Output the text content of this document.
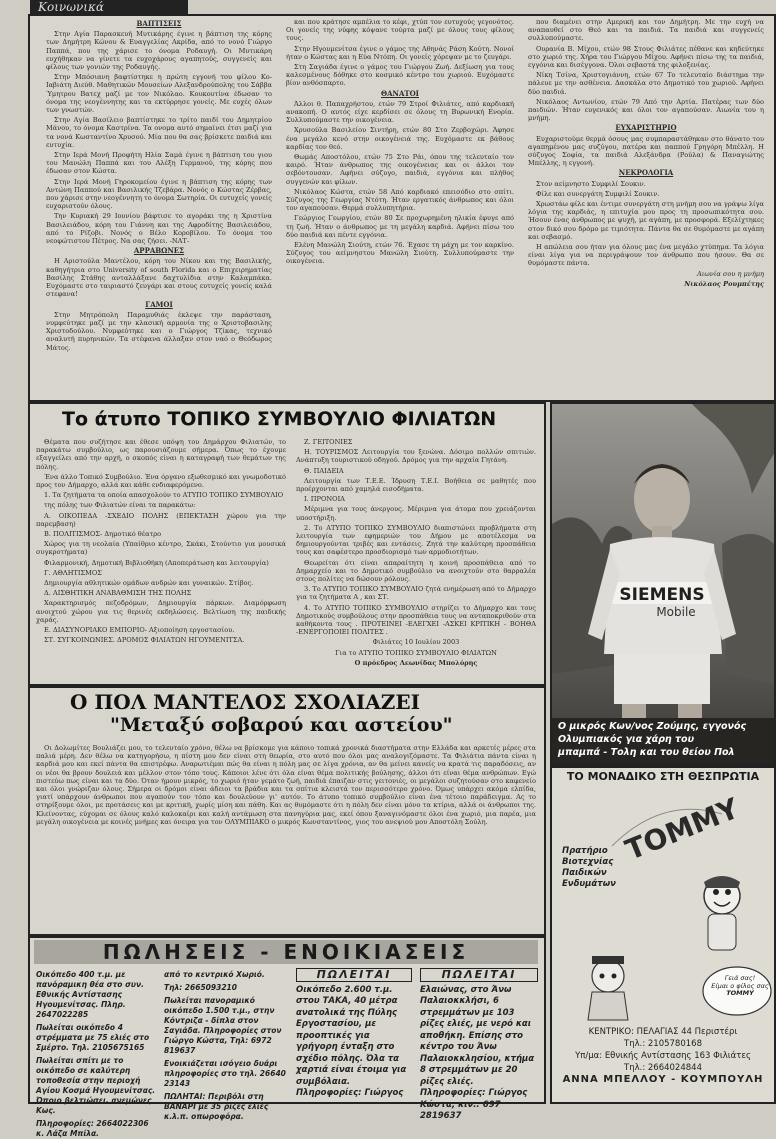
Κοινωνικά

ΒΑΠΤΙΣΕΙΣ

Στην Αγία Παρασκευή Μυτικάρης έγινε η βάπτιση της κόρης των Δημήτρη Κώνου & Ευαγγελίας Ακρίδα, από το νονό Γιώργο Παππά, που της χάρισε το όνομα Ροδαυγή. Οι Μυτικάρη ευχήθηκαν να γίνετε τα ευχοχάρους αγαπητούς, συγγενείς και φίλους των γονιών της Ροδαυγής.

Στην Μπόσιανη βαφτίστηκε η πρώτη εγγονή του φίλου Κο-Ιαβιάτη Διεύθ. Μαθητικών Μουσείων Αλεξανδρούπολης του Σάββα Ύμητρου Βατεχ μαζί με τον Νικόλαο. Κουκουτίνα έδωσαν το όνομα της νεογέννητης και τα εκτύρρησε γονείς. Με ευχές όλων των γνωστών.

Στην Αγία Βασίλειο βαπτίστηκε το τρίτο παιδί του Δημητρίου Μάνου, το όνομα Καστρίνα. Τα ονομα αυτό σημαίνει έτσι μαζί για τα νονά Κωσταντίνο Χρυσού. Μία που θα σας βρίσκετε παιδιά και ευτυχία.

Στην Ιερά Μονή Προφήτη Ηλία Σαμά έγινε η βάπτιση του γιου του Μανώλη Παππά και του Αλέξη Γερμανού, της κόρης που έδωσαν στον Κώστα.

Στην Ιερά Μονή Γηροκομείου έγινε η βάπτιση της κόρης των Αντώνη Παππού και Βασιλικής Τζεβάρα. Νονός ο Κώστας Ζέρβας, που χάρισε στην νεογέννητη το όνομα Σωτηρία. Οι ευτυχείς γονείς ευχαριστούν όλους.

Την Κυριακή 29 Ιουνίου βάφτισε το αγοράκι της η Χριστίνα Βασιλειάδου, κόρη του Γιάννη και της Αφροδίτης Βασιλειάδου, από το Ρίζοβι. Νονός ο Βέλο Κοροβίλου. Το όνομα του νεοφώτιστου Πέτρος. Να σας ζήσει. -ΝΑΤ-

ΑΡΡΑΒΩΝΕΣ

Η Αριστούλα Μαντέλου, κόρη του Νίκου και της Βασιλικής, καθηγήτρια στο University of south Florida και ο Επιχειρηματίας Βασίλης Στάθης ανταλλάξανε δαχτυλίδια στην Καλαμπάκα. Ευχόμαστε στο ταιριαστό ζευγάρι και στους ευτυχείς γονείς καλά στεφανα!

ΓΑΜΟΙ

Στην Μητρόπολη Παραμυθιάς έκλεψε την παράσταση, νυμφεύτηκε μαζί με την κλασική αρμονία της ο Χριστοβασιλης Χριστοδούλου. Νυμφεύτηκε και ο Γιώργος Τζίκας, τεχνικό αναλυτή πυρηνικών. Τα στέφανα άλλαξαν στον ναό ο Θεόδωρος Μάτος.

και που κράτησε αμπέλια το κέφι, χτύπ τον ευτυχούς γεγονότος. Οι γονείς της νύφης κόψανε τούρτα μαζί με όλους τους φίλους τους.

Στην Ηγουμενίτσα έγινε ο γάμος της Αθηνάς Ράση Κούτη. Νονοί ήταν ο Κώστας και η Εύα Ντόπη. Οι γονείς χόρεψαν με το ζευγάρι.

Στη Σαγιάδα έγινε ο γάμος του Γιώργου Ζωή. Δεξίωση για τους καλεσμένους δόθηκε στο κοσμικό κέντρο του χωριού. Ευχόμαστε βίον ανθόσπαρτο.

ΘΑΝΑΤΟΙ

Άλλοι θ. Παπαχρήστου, ετών 79 Στροί Φιλιάτες, από καρδιακή ανακοπή. Ο αυτός είχε κερδίσει σε όλους τη Βυρωνική Ενορία. Συλλυπούμαστε την οικογένεια.

Χρυσούλα Βασιλείου Σιντήρη, ετών 80 Στο Ζερβοχώρι. Άφησε ένα μεγάλο κενό στην οικογένειά της. Ευχόμαστε εκ βάθους καρδίας τον θεό.

Θωμάς Αποστόλου, ετών 75 Στο Ράι, όπου της τελευταίο τον καιρό. Ήταν άνθρωπος της οικογένειας και οι άλλοι τον σεβόντουσαν. Αφήνει σύζυγο, παιδιά, εγγόνια και πλήθος συγγενών και φίλων.

Νικόλαος Κώστα, ετών 58 Από καρδιακό επεισόδιο στο σπίτι. Σύζυγος της Γεωργίας Ντότη. Ήταν εργατικός άνθρωπος και όλοι τον αγαπούσαν. Θερμά συλλυπητήρια.

Γεώργιος Γεωργίου, ετών 80 Σε προχωρημένη ηλικία έφυγε από τη ζωή. Ήταν ο άνθρωπος με τη μεγάλη καρδιά. Αφήνει πίσω του δύο παιδιά και πέντε εγγόνια.

Ελένη Μανώλη Σιούτη, ετών 76. Έχασε τη μάχη με τον καρκίνο. Σύζυγος του αείμνηστου Μανώλη Σιούτη. Συλλυπούμαστε την οικογένεια.

που διαμένει στην Αμερική και τον Δημήτρη. Με την ευχή να αναπαυθεί στο Θεό και τα παιδιά. Τα παιδιά και συγγενείς συλλυπούμαστε.

Ουρανία Β. Μίχου, ετών 98 Στους Φιλιάτες πέθανε και κηδεύτηκε στο χωριό της. Χήρα του Γιώργου Μίχου. Αφήνει πίσω της τα παιδιά, εγγόνια και δισέγγονα. Όλοι σεβαστά της φιλοξενίας.

Νίκη Τσίνα, Χριστογιάννη, ετών 67 Το τελευταίο διάστημα την πάλευε με την ασθένεια. Δασκάλα στο Δημοτικό του χωριού. Αφήνει δύο παιδιά.

Νικόλαος Αντωνίου, ετών 79 Από την Αρτία. Πατέρας των δύο παιδιών. Ήταν ευγενικός και όλοι τον αγαπούσαν. Αιωνία του η μνήμη.

ΕΥΧΑΡΙΣΤΗΡΙΟ

Ευχαριστούμε θερμά όσους μας συμπαραστάθηκαν στο θάνατο του αγαπημένου μας συζύγου, πατέρα και παππού Γρηγόρη Μπέλλη. Η σύζυγος Σοφία, τα παιδιά Αλεξάνδρα (Ρούλα) & Παναγιώτης Μπέλλης, η εγγονή.

ΝΕΚΡΟΛΟΓΙΑ

Στον αείμνηστο Συμφιλί Σουκιν.

Φίλε και συνεργάτη Συμφιλί Σουκιν.

Χρωστάω φίλε και έντιμε συνεργάτη στη μνήμη σου να γράψω λίγα λόγια της καρδιάς, η επιτυχία μου προς τη προσωπικότητα σου. Ήσουν ένας άνθρωπος με ψυχή, με αγάπη, με προσφορά. Εξελίχτηκες στον δικό σου δρόμο με τιμιότητα. Πάντα θα σε θυμόμαστε με αγάπη και σεβασμό.

Η απώλεια σου ήταν για όλους μας ένα μεγάλο χτύπημα. Τα λόγια είναι λίγα για να περιγράψουν τον άνθρωπο που ήσουν. Θα σε θυμόμαστε πάντα.

Αιωνία σου η μνήμη

Νικόλαος Ρουμπέτης

Το άτυπο ΤΟΠΙΚΟ ΣΥΜΒΟΥΛΙΟ ΦΙΛΙΑΤΩΝ

Θέματα που συζήτησε και έθεσε υπόψη του Δημάρχου Φιλιατών, το παρακάτω συμβούλιο, ως παρουσιάζουμε σήμερα. Όπως το έχουμε εξαγγείλει από την αρχή, ο σκοπός είναι η καταγραφή των θεμάτων της πόλης.

Ένα άλλο Τοπικό Συμβούλιο. Ένα όργανο εξωθεσμικό και γνωμοδοτικό προς τον Δήμαρχο, αλλά και κάθε ενδιαφερόμενο.

1. Τα ζητήματα τα οποία απασχολούν το ΑΤΥΠΟ ΤΟΠΙΚΟ ΣΥΜΒΟΥΛΙΟ

της πόλης των Φιλιατών είναι τα παρακάτω:

Α. ΟΙΚΟΠΕΔΑ -ΣΧΕΔΙΟ ΠΟΛΗΣ (ΕΠΕΚΤΑΣΗ χώρου για την παρεμβαση)

Β. ΠΟΛΙΤΙΣΜΟΣ- Δημοτικό θέατρο

Χώρος για τη νεολαία (Υπαίθριο κέντρο, Σκάκι, Στούντιο για μουσικά συγκροτήματα)

Φιλαρμονική, Δημοτική Βιβλιοθήκη (Αποπεράτωση και λειτουργία)

Γ. ΑΘΛΗΤΙΣΜΟΣ

Δημιουργία αθλητικών ομάδων ανδρών και γυναικών. Στίβος.

Δ. ΑΙΣΘΗΤΙΚΗ ΑΝΑΒΑΘΜΙΣΗ ΤΗΣ ΠΟΛΗΣ

Χαρακτηρισμός πεζοδρόμων, Δημιουργία πάρκων. Διαμόρφωση ανοιχτού χώρου για τις θερινές εκδηλώσεις. Βελτίωση της παιδικής χαράς.

Ε. ΔΙΑΣΥΝΟΡΙΑΚΟ ΕΜΠΟΡΙΟ- Αξιοποίηση εργοστασίου.

ΣΤ. ΣΥΓΚΟΙΝΩΝΙΕΣ. ΔΡΟΜΟΣ ΦΙΛΙΑΤΩΝ ΗΓΟΥΜΕΝΙΤΣΑ.

Ζ. ΓΕΙΤΟΝΙΕΣ

Η. ΤΟΥΡΙΣΜΟΣ Λειτουργία του ξενώνα. Δόσιμο πολλών σπιτιών. Ανάπτυξη τουριστικού οδηγού. Δρόμος για την αρχαία Γητάνη.

Θ. ΠΑΙΔΕΙΑ

Λειτουργία των Τ.Ε.Ε. Ίδρυση Τ.Ε.Ι. Βοήθεια σε μαθητές που προέρχονται από χαμηλά εισοδήματα.

Ι. ΠΡΟΝΟΙΑ

Μέριμνα για τους άνεργους. Μέριμνα για άτομα που χρειάζονται υποστήριξη.

2. Το ΑΤΥΠΟ ΤΟΠΙΚΟ ΣΥΜΒΟΥΛΙΟ διαπιστώνει προβλήματα στη λειτουργία των εφημεριών του Δήμου με αποτέλεσμα να δημιουργούνται τριβές και εντάσεις. Ζητά την καλύτερη προσπάθεια τους και σαφέστερο προσδιορισμό των αρμοδιοτήτων.

Θεωρείται ότι είναι απαραίτητη η κοινή προσπάθεια από το Δημαρχείο και το Δημοτικό συμβούλιο να ανοιχτούν στο θαρραλέα στους πολίτες να δώσουν ρόλους.

3. Το ΑΤΥΠΟ ΤΟΠΙΚΟ ΣΥΜΒΟΥΛΙΟ ζητά ενημέρωση από το Δήμαρχο για τα ζητήματα Α , και ΣΤ.

4. Το ΑΤΥΠΟ ΤΟΠΙΚΟ ΣΥΜΒΟΥΛΙΟ στηρίζει το Δήμαρχο και τους Δημοτικούς συμβούλους στην προσπάθεια τους να ανταποκριθούν στα καθήκοντα τους . ΠΡΟΤΕΙΝΕΙ -ΕΛΕΓΧΕΙ -ΑΣΚΕΙ ΚΡΙΤΙΚΗ - ΒΟΗΘΑ -ΕΝΕΡΓΟΠΟΙΕΙ ΠΟΛΙΤΕΣ .

Φιλιάτες 10 Ιουλίου 2003

Για το ΑΤΥΠΟ ΤΟΠΙΚΟ ΣΥΜΒΟΥΛΙΟ ΦΙΛΙΑΤΩΝ

Ο πρόεδρος Λεωνίδας Μπολόρης

SIEMENS
Mobile
Ο μικρός Κων/νος Ζούμης, εγγονός
Ολυμπιακός για χάρη του
μπαμπά - Τολη και του θείου Πολ
Ο ΠΟΛ ΜΑΝΤΕΛΟΣ ΣΧΟΛΙΑΖΕΙ
"Μεταξύ σοβαρού και αστείου"

Οι Δολωμίτες Βουλιάζει μου, το τελευταίο χρόνο, θέλω να βρίσκομε για κάποιο τοπικά χρονικά διαστήματα στην Ελλάδα και αρκετές μέρες στα παλιά μέρη. Δεν θέλω να κατηγορήσω, η πίστη μου δεν είναι στη θεωρία, στο αυτό που όλοι μας αναλογιζόμαστε. Τα Φιλιάτια πάντα είναι η καρδιά μου και εκεί πάντα θα επιστρέφω. Αναρωτιέμαι πώς θα είναι η πόλη μας σε λίγα χρόνια, αν θα μείνει κανείς να κρατά τις παραδόσεις, αν οι νέοι θα βρουν δουλειά και μέλλον στον τόπο τους. Κάποιοι λένε ότι όλα είναι θέμα πολιτικής βούλησης, άλλοι ότι είναι θέμα ανθρώπων. Εγώ πιστεύω πως είναι και τα δύο. Όταν ήμουν μικρός, το χωριό ήταν γεμάτο ζωή, παιδιά έπαιζαν στις γειτονιές, οι μεγάλοι συζητούσαν στο καφενείο και όλοι γνώριζαν όλους. Σήμερα οι δρόμοι είναι άδειοι τα βράδια και τα σπίτια κλειστά τον περισσότερο χρόνο. Όμως υπάρχει ακόμα ελπίδα, γιατί υπάρχουν άνθρωποι που αγαπούν τον τόπο και δουλεύουν γι' αυτόν. Το άτυπο τοπικό συμβούλιο είναι ένα τέτοιο παράδειγμα. Ας το στηρίξουμε όλοι, με προτάσεις και με κριτική, χωρίς μίση και πάθη. Και ας θυμόμαστε ότι η πόλη δεν είναι μόνο τα κτίρια, αλλά οι άνθρωποι της. Κλείνοντας, εύχομαι σε όλους καλό καλοκαίρι και καλή αντάμωση στα πανηγύρια μας, εκεί όπου ξαναγινόμαστε όλοι ένα χωριό, μια παρέα, μια μεγάλη οικογένεια με κοινές μνήμες και όνειρα για τον ΟΛΥΜΠΙΑΚΟ ο μικρός Κωνσταντίνος, γιος του ανεψιού μου Αποστόλη Σούλη.

ΤΟ ΜΟΝΑΔΙΚΟ ΣΤΗ ΘΕΣΠΡΩΤΙΑ
TOMMY
Πρατήριο
Βιοτεχνίας
Παιδικών
Ενδυμάτων
Γειά σας!
Είμαι ο φίλος σας
TOMMY
ΚΕΝΤΡΙΚΟ: ΠΕΛΑΓΙΑΣ 44 Περιστέρι
Τηλ.: 2105780168
Υπ/μα: Εθνικής Αντίστασης 163 Φιλιάτες
Τηλ.: 2664024844
ΑΝΝΑ ΜΠΕΛΛΟΥ - ΚΟΥΜΠΟΥΛΗ
ΠΩΛΗΣΕΙΣ - ΕΝΟΙΚΙΑΣΕΙΣ

Οικόπεδο 400 τ.μ. με πανόραμικη θέα στο συν. Εθνικής Αντίστασης Ηγουμενίτσας. Πληρ. 2647022285

Πωλείται οικόπεδο 4 στρέμματα με 75 ελιές στο Σμέρτο. Τηλ. 2105675165

Πωλείται σπίτι με το οικόπεδο σε καλύτερη τοποθεσία στην περιοχή Αγίου Κοσμά Ηγουμενίτσας. Όποιο βελτιώσει, ανεμώνες Κως.

Πληροφορίες: 2664022306 κ. Λάζα Μπίλα.

από το κεντρικό Χωριό.

Τηλ: 2665093210

Πωλείται πανοραμικό οικόπεδο 1.500 τ.μ., στην Κόντριζα - δίπλα στον Σαγιάδα. Πληροφορίες στον Γιώργο Κώστα, Τηλ: 6972 819637

Ενοικιάζεται ισόγειο δυάρι πληροφορίες στο τηλ. 26640 23143

ΠΩΛΗΤΑΙ: Περιβόλι στη ΒΑΝΑΡΙ με 35 ρίζες ελιές κ.λ.π. οπωροφόρα.

ΠΩΛΕΙΤΑΙ
Οικόπεδο 2.600 τ.μ. στου ΤΑΚΑ, 40 μέτρα ανατολικά της Πύλης Εργοστασίου, με προοπτικές για γρήγορη ένταξη στο σχέδιο πόλης. Όλα τα χαρτιά είναι έτοιμα για συμβόλαια. Πληροφορίες: Γιώργος
ΠΩΛΕΙΤΑΙ
Ελαιώνας, στο Άνω Παλαιοκκλήσι, 6 στρεμμάτων με 103 ρίζες ελιές, με νερό και αποθήκη. Επίσης στο κέντρο του Άνω Παλαιοκκλησίου, κτήμα 8 στρεμμάτων με 20 ρίζες ελιές. Πληροφορίες: Γιώργος Κώστα, κιν.: 697 2819637
